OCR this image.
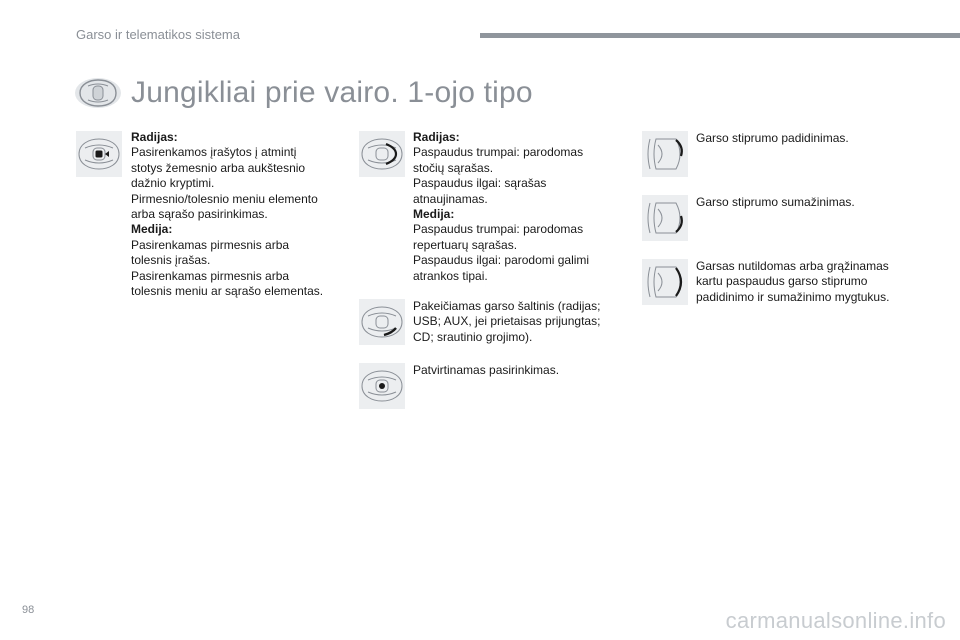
Garso ir telematikos sistema
Jungikliai prie vairo. 1-ojo tipo
Radijas:
Pasirenkamos įrašytos į atmintį
stotys žemesnio arba aukštesnio
dažnio kryptimi.
Pirmesnio/tolesnio meniu elemento
arba sąrašo pasirinkimas.
Medija:
Pasirenkamas pirmesnis arba
tolesnis įrašas.
Pasirenkamas pirmesnis arba
tolesnis meniu ar sąrašo elementas.
Radijas:
Paspaudus trumpai: parodomas
stočių sąrašas.
Paspaudus ilgai: sąrašas
atnaujinamas.
Medija:
Paspaudus trumpai: parodomas
repertuarų sąrašas.
Paspaudus ilgai: parodomi galimi
atrankos tipai.
Pakeičiamas garso šaltinis (radijas;
USB; AUX, jei prietaisas prijungtas;
CD; srautinio grojimo).
Patvirtinamas pasirinkimas.
Garso stiprumo padidinimas.
Garso stiprumo sumažinimas.
Garsas nutildomas arba grąžinamas
kartu paspaudus garso stiprumo
padidinimo ir sumažinimo mygtukus.
98	carmanualsonline.info
